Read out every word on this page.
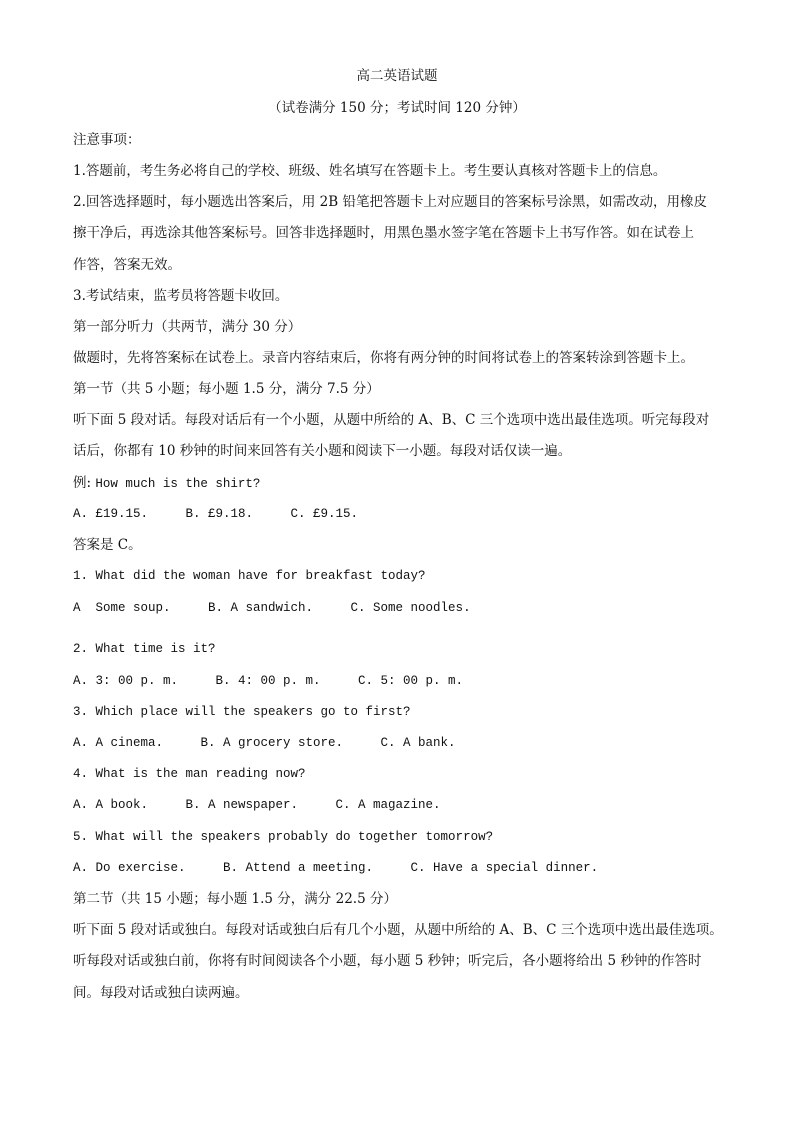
高二英语试题
（试卷满分 150 分；考试时间 120 分钟）
注意事项：
1.答题前，考生务必将自己的学校、班级、姓名填写在答题卡上。考生要认真核对答题卡上的信息。
2.回答选择题时，每小题选出答案后，用 2B 铅笔把答题卡上对应题目的答案标号涂黑，如需改动，用橡皮
擦干净后，再选涂其他答案标号。回答非选择题时，用黑色墨水签字笔在答题卡上书写作答。如在试卷上
作答，答案无效。
3.考试结束，监考员将答题卡收回。
第一部分听力（共两节，满分 30 分）
做题时，先将答案标在试卷上。录音内容结束后，你将有两分钟的时间将试卷上的答案转涂到答题卡上。
第一节（共 5 小题；每小题 1.5 分，满分 7.5 分）
听下面 5 段对话。每段对话后有一个小题，从题中所给的 A、B、C 三个选项中选出最佳选项。听完每段对
话后，你都有 10 秒钟的时间来回答有关小题和阅读下一小题。每段对话仅读一遍。
例: How much is the shirt?
A. £19.15.     B. £9.18.     C. £9.15.
答案是 C。
1. What did the woman have for breakfast today?
A  Some soup.     B. A sandwich.     C. Some noodles.
2. What time is it?
A. 3: 00 p. m.     B. 4: 00 p. m.     C. 5: 00 p. m.
3. Which place will the speakers go to first?
A. A cinema.     B. A grocery store.     C. A bank.
4. What is the man reading now?
A. A book.     B. A newspaper.     C. A magazine.
5. What will the speakers probably do together tomorrow?
A. Do exercise.     B. Attend a meeting.     C. Have a special dinner.
第二节（共 15 小题；每小题 1.5 分，满分 22.5 分）
听下面 5 段对话或独白。每段对话或独白后有几个小题，从题中所给的 A、B、C 三个选项中选出最佳选项。
听每段对话或独白前，你将有时间阅读各个小题，每小题 5 秒钟；听完后，各小题将给出 5 秒钟的作答时
间。每段对话或独白读两遍。
